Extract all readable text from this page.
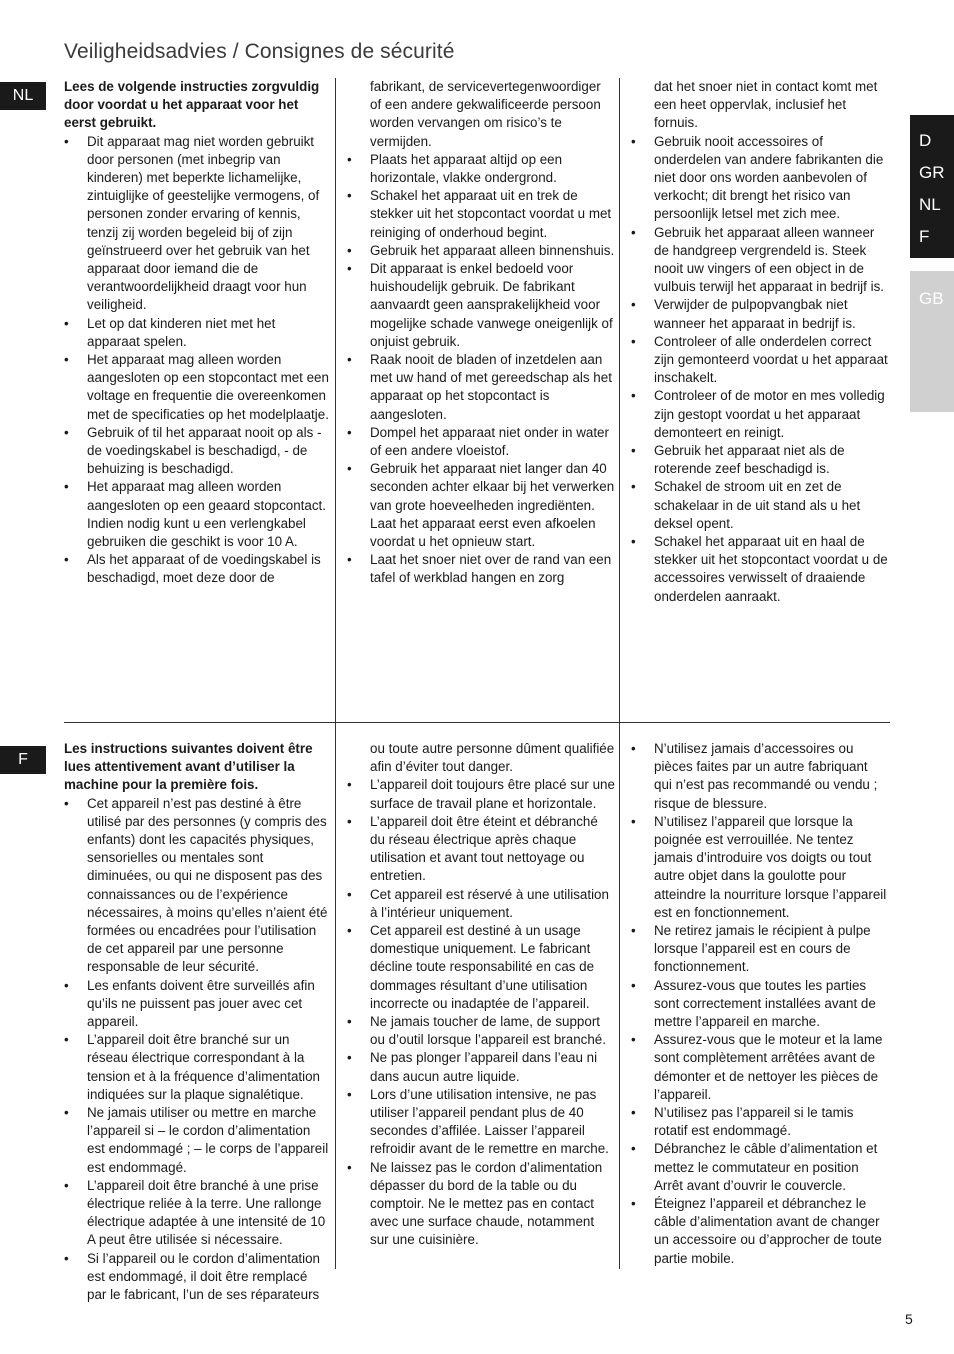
Veiligheidsadvies / Consignes de sécurité
D
GR
NL
F
GB
NL

Lees de volgende instructies zorgvuldig door voordat u het apparaat voor het eerst gebruikt.

• Dit apparaat mag niet worden gebruikt door personen (met inbegrip van kinderen) met beperkte lichamelijke, zintuiglijke of geestelijke vermogens, of personen zonder ervaring of kennis, tenzij zij worden begeleid bij of zijn geïnstrueerd over het gebruik van het apparaat door iemand die de verantwoordelijkheid draagt voor hun veiligheid.
• Let op dat kinderen niet met het apparaat spelen.
• Het apparaat mag alleen worden aangesloten op een stopcontact met een voltage en frequentie die overeenkomen met de specificaties op het modelplaatje.
• Gebruik of til het apparaat nooit op als - de voedingskabel is beschadigd, - de behuizing is beschadigd.
• Het apparaat mag alleen worden aangesloten op een geaard stopcontact. Indien nodig kunt u een verlengkabel gebruiken die geschikt is voor 10 A.
• Als het apparaat of de voedingskabel is beschadigd, moet deze door de
fabrikant, de servicevertegenwoordiger of een andere gekwalificeerde persoon worden vervangen om risico’s te vermijden.
• Plaats het apparaat altijd op een horizontale, vlakke ondergrond.
• Schakel het apparaat uit en trek de stekker uit het stopcontact voordat u met reiniging of onderhoud begint.
• Gebruik het apparaat alleen binnenshuis.
• Dit apparaat is enkel bedoeld voor huishoudelijk gebruik. De fabrikant aanvaardt geen aansprakelijkheid voor mogelijke schade vanwege oneigenlijk of onjuist gebruik.
• Raak nooit de bladen of inzetdelen aan met uw hand of met gereedschap als het apparaat op het stopcontact is aangesloten.
• Dompel het apparaat niet onder in water of een andere vloeistof.
• Gebruik het apparaat niet langer dan 40 seconden achter elkaar bij het verwerken van grote hoeveelheden ingrediënten. Laat het apparaat eerst even afkoelen voordat u het opnieuw start.
• Laat het snoer niet over de rand van een tafel of werkblad hangen en zorg
dat het snoer niet in contact komt met een heet oppervlak, inclusief het fornuis.
• Gebruik nooit accessoires of onderdelen van andere fabrikanten die niet door ons worden aanbevolen of verkocht; dit brengt het risico van persoonlijk letsel met zich mee.
• Gebruik het apparaat alleen wanneer de handgreep vergrendeld is. Steek nooit uw vingers of een object in de vulbuis terwijl het apparaat in bedrijf is.
• Verwijder de pulpopvangbak niet wanneer het apparaat in bedrijf is.
• Controleer of alle onderdelen correct zijn gemonteerd voordat u het apparaat inschakelt.
• Controleer of de motor en mes volledig zijn gestopt voordat u het apparaat demonteert en reinigt.
• Gebruik het apparaat niet als de roterende zeef beschadigd is.
• Schakel de stroom uit en zet de schakelaar in de uit stand als u het deksel opent.
• Schakel het apparaat uit en haal de stekker uit het stopcontact voordat u de accessoires verwisselt of draaiende onderdelen aanraakt.
F

Les instructions suivantes doivent être lues attentivement avant d’utiliser la machine pour la première fois.

• Cet appareil n’est pas destiné à être utilisé par des personnes (y compris des enfants) dont les capacités physiques, sensorielles ou mentales sont diminuées, ou qui ne disposent pas des connaissances ou de l’expérience nécessaires, à moins qu’elles n’aient été formées ou encadrées pour l’utilisation de cet appareil par une personne responsable de leur sécurité.
• Les enfants doivent être surveillés afin qu’ils ne puissent pas jouer avec cet appareil.
• L’appareil doit être branché sur un réseau électrique correspondant à la tension et à la fréquence d’alimentation indiquées sur la plaque signalétique.
• Ne jamais utiliser ou mettre en marche l’appareil si – le cordon d’alimentation est endommagé ; – le corps de l’appareil est endommagé.
• L’appareil doit être branché à une prise électrique reliée à la terre. Une rallonge électrique adaptée à une intensité de 10 A peut être utilisée si nécessaire.
• Si l’appareil ou le cordon d’alimentation est endommagé, il doit être remplacé par le fabricant, l’un de ses réparateurs
ou toute autre personne dûment qualifiée afin d’éviter tout danger.
• L’appareil doit toujours être placé sur une surface de travail plane et horizontale.
• L’appareil doit être éteint et débranché du réseau électrique après chaque utilisation et avant tout nettoyage ou entretien.
• Cet appareil est réservé à une utilisation à l’intérieur uniquement.
• Cet appareil est destiné à un usage domestique uniquement. Le fabricant décline toute responsabilité en cas de dommages résultant d’une utilisation incorrecte ou inadaptée de l’appareil.
• Ne jamais toucher de lame, de support ou d’outil lorsque l’appareil est branché.
• Ne pas plonger l’appareil dans l’eau ni dans aucun autre liquide.
• Lors d’une utilisation intensive, ne pas utiliser l’appareil pendant plus de 40 secondes d’affilée. Laisser l’appareil refroidir avant de le remettre en marche.
• Ne laissez pas le cordon d’alimentation dépasser du bord de la table ou du comptoir. Ne le mettez pas en contact avec une surface chaude, notamment sur une cuisinière.
• N’utilisez jamais d’accessoires ou pièces faites par un autre fabriquant qui n’est pas recommandé ou vendu ; risque de blessure.
• N’utilisez l’appareil que lorsque la poignée est verrouillée. Ne tentez jamais d’introduire vos doigts ou tout autre objet dans la goulotte pour atteindre la nourriture lorsque l’appareil est en fonctionnement.
• Ne retirez jamais le récipient à pulpe lorsque l’appareil est en cours de fonctionnement.
• Assurez-vous que toutes les parties sont correctement installées avant de mettre l’appareil en marche.
• Assurez-vous que le moteur et la lame sont complètement arrêtées avant de démonter et de nettoyer les pièces de l’appareil.
• N’utilisez pas l’appareil si le tamis rotatif est endommagé.
• Débranchez le câble d’alimentation et mettez le commutateur en position Arrêt avant d’ouvrir le couvercle.
• Éteignez l’appareil et débranchez le câble d’alimentation avant de changer un accessoire ou d’approcher de toute partie mobile.
5
